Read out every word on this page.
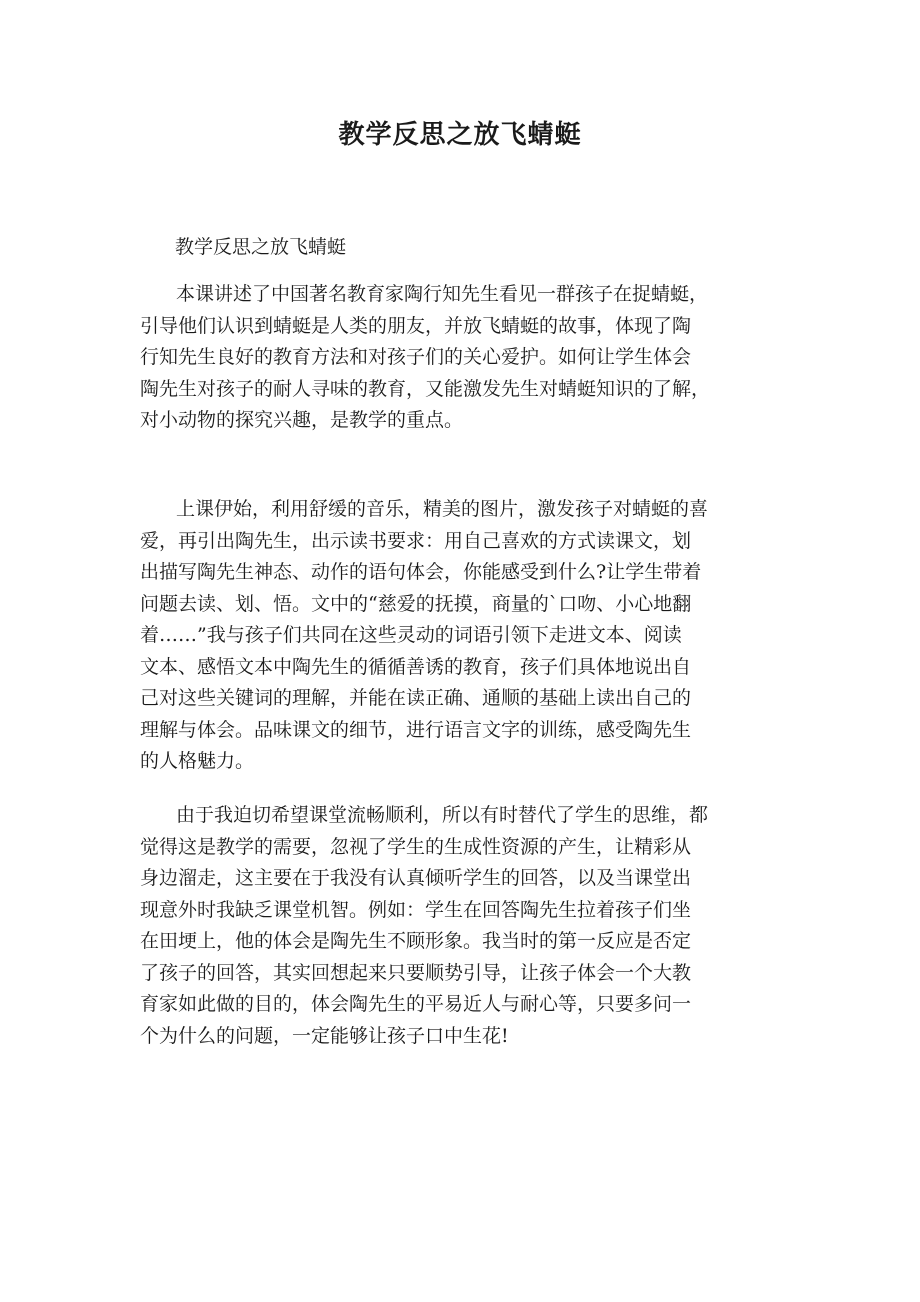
教学反思之放飞蜻蜓

教学反思之放飞蜻蜓

本课讲述了中国著名教育家陶行知先生看见一群孩子在捉蜻蜓，
引导他们认识到蜻蜓是人类的朋友，并放飞蜻蜓的故事，体现了陶
行知先生良好的教育方法和对孩子们的关心爱护。如何让学生体会
陶先生对孩子的耐人寻味的教育，又能激发先生对蜻蜓知识的了解，
对小动物的探究兴趣，是教学的重点。
上课伊始，利用舒缓的音乐，精美的图片，激发孩子对蜻蜓的喜
爱，再引出陶先生，出示读书要求：用自己喜欢的方式读课文，划
出描写陶先生神态、动作的语句体会，你能感受到什么?让学生带着
问题去读、划、悟。文中的“慈爱的抚摸，商量的`口吻、小心地翻
着……”我与孩子们共同在这些灵动的词语引领下走进文本、阅读
文本、感悟文本中陶先生的循循善诱的教育，孩子们具体地说出自
己对这些关键词的理解，并能在读正确、通顺的基础上读出自己的
理解与体会。品味课文的细节，进行语言文字的训练，感受陶先生
的人格魅力。
由于我迫切希望课堂流畅顺利，所以有时替代了学生的思维，都
觉得这是教学的需要，忽视了学生的生成性资源的产生，让精彩从
身边溜走，这主要在于我没有认真倾听学生的回答，以及当课堂出
现意外时我缺乏课堂机智。例如：学生在回答陶先生拉着孩子们坐
在田埂上，他的体会是陶先生不顾形象。我当时的第一反应是否定
了孩子的回答，其实回想起来只要顺势引导，让孩子体会一个大教
育家如此做的目的，体会陶先生的平易近人与耐心等，只要多问一
个为什么的问题，一定能够让孩子口中生花!
